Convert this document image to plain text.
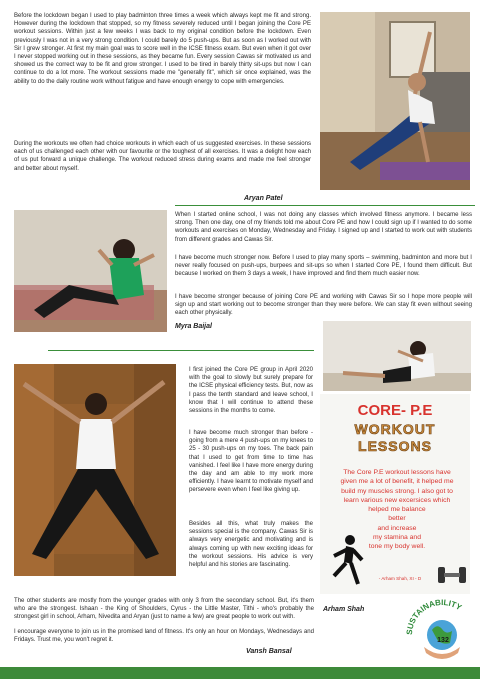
Before the lockdown began I used to play badminton three times a week which always kept me fit and strong. However during the lockdown that stopped, so my fitness severely reduced until I began joining the Core PE workout sessions. Within just a few weeks I was back to my original condition before the lockdown. Even previously I was not in a very strong condition. I could barely do 5 push-ups. But as soon as I worked out with Sir I grew stronger. At first my main goal was to score well in the ICSE fitness exam. But even when it got over I never stopped working out in these sessions, as they became fun. Every session Cawas sir motivated us and showed us the correct way to be fit and grow stronger. I used to be tired in barely thirty sit-ups but now I can continue to do a lot more. The workout sessions made me "generally fit", which sir once explained, was the ability to do the daily routine work without fatigue and have enough energy to cope with emergencies.

During the workouts we often had choice workouts in which each of us suggested exercises. In these sessions each of us challenged each other with our favourite or the toughest of all exercises. It was a delight how each of us put forward a unique challenge. The workout reduced stress during exams and made me feel stronger and better about myself.

Aryan Patel

When I started online school, I was not doing any classes which involved fitness anymore. I became less strong. Then one day, one of my friends told me about Core PE and how I could sign up if I wanted to do some workouts and exercises on Monday, Wednesday and Friday. I signed up and I started to work out with students from different grades and Cawas Sir.

I have become much stronger now. Before I used to play many sports – swimming, badminton and more but I never really focused on push-ups, burpees and sit-ups so when I started Core PE, I found them difficult. But because I worked on them 3 days a week, I have improved and find them much easier now.

I have become stronger because of joining Core PE and working with Cawas Sir so I hope more people will sign up and start working out to become stronger than they were before. We can stay fit even without seeing each other physically.

Myra Baijal

I first joined the Core PE group in April 2020 with the goal to slowly but surely prepare for the ICSE physical efficiency tests. But, now as I pass the tenth standard and leave school, I know that I will continue to attend these sessions in the months to come.

I have become much stronger than before - going from a mere 4 push-ups on my knees to 25 - 30 push-ups on my toes. The back pain that I used to get from time to time has vanished. I feel like I have more energy during the day and am able to my work more efficiently. I have learnt to motivate myself and persevere even when I feel like giving up.

Besides all this, what truly makes the sessions special is the company. Cawas Sir is always very energetic and motivating and is always coming up with new exciting ideas for the workout sessions. His advice is very helpful and his stories are fascinating.

The other students are mostly from the younger grades with only 3 from the secondary school. But, it's them who are the strongest. Ishaan - the King of Shoulders, Cyrus - the Little Master, Tithi - who's probably the strongest girl in school, Arham, Nivedita and Aryan (just to name a few) are great people to work out with.

I encourage everyone to join us in the promised land of fitness. It's only an hour on Mondays, Wednesdays and Fridays. Trust me, you won't regret it.

Vansh Bansal
CORE- P.E
WORKOUT
LESSONS
The Core P.E workout lessons have
given me a lot of benefit, it helped me
build my muscles strong. I also got to
learn various new excersices which
helped me balance
better
and increase
my stamina and
tone my body well.
- Arham Shah, XI - D
Arham Shah
SUSTAINABILITY
132
